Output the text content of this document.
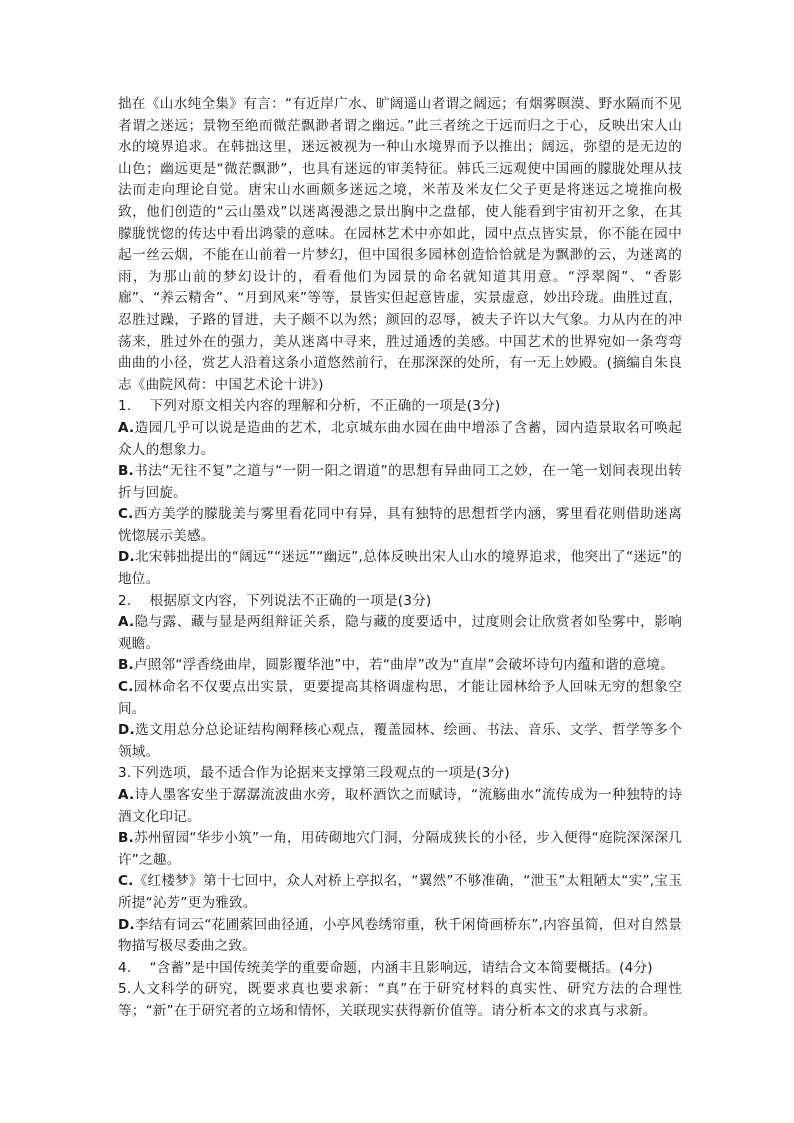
拙在《山水纯全集》有言：“有近岸广水、旷阔遥山者谓之阔远；有烟雾暝漠、野水隔而不见者谓之迷远；景物至绝而微茫飘渺者谓之幽远。”此三者统之于远而归之于心，反映出宋人山水的境界追求。在韩拙这里，迷远被视为一种山水境界而予以推出；阔远，弥望的是无边的山色；幽远更是“微茫飘渺”，也具有迷远的审美特征。韩氏三远观使中国画的朦胧处理从技法而走向理论自觉。唐宋山水画颇多迷远之境，米芾及米友仁父子更是将迷远之境推向极致，他们创造的“云山墨戏”以迷离漫漶之景出胸中之盘郁，使人能看到宇宙初开之象，在其朦胧恍惚的传达中看出鸿蒙的意味。在园林艺术中亦如此，园中点点皆实景，你不能在园中起一丝云烟，不能在山前着一片梦幻，但中国很多园林创造恰恰就是为飘渺的云，为迷离的雨，为那山前的梦幻设计的，看看他们为园景的命名就知道其用意。“浮翠阁”、“香影廊”、“养云精舍”、“月到风来”等等，景皆实但起意皆虚，实景虚意，妙出玲珑。曲胜过直，忍胜过躁，子路的冒进，夫子颇不以为然；颜回的忍辱，被夫子许以大气象。力从内在的冲荡来，胜过外在的强力，美从迷离中寻来，胜过通透的美感。中国艺术的世界宛如一条弯弯曲曲的小径，赏艺人沿着这条小道悠然前行，在那深深的处所，有一无上妙殿。(摘编自朱良志《曲院风荷：中国艺术论十讲》)

1. 下列对原文相关内容的理解和分析，不正确的一项是(3分)

A.造园几乎可以说是造曲的艺术，北京城东曲水园在曲中增添了含蓄，园内造景取名可唤起众人的想象力。

B.书法“无往不复”之道与“一阴一阳之谓道”的思想有异曲同工之妙，在一笔一划间表现出转折与回旋。

C.西方美学的朦胧美与雾里看花同中有异，具有独特的思想哲学内涵，雾里看花则借助迷离恍惚展示美感。

D.北宋韩拙提出的“阔远”“迷远”“幽远”,总体反映出宋人山水的境界追求，他突出了“迷远”的地位。

2. 根据原文内容，下列说法不正确的一项是(3分)

A.隐与露、藏与显是两组辩证关系，隐与藏的度要适中，过度则会让欣赏者如坠雾中，影响观瞻。

B.卢照邻“浮香绕曲岸，圆影覆华池”中，若“曲岸”改为“直岸”会破坏诗句内蕴和谐的意境。

C.园林命名不仅要点出实景，更要提高其格调虚构思，才能让园林给予人回味无穷的想象空间。

D.选文用总分总论证结构阐释核心观点，覆盖园林、绘画、书法、音乐、文学、哲学等多个领域。

3.下列选项，最不适合作为论据来支撑第三段观点的一项是(3分)

A.诗人墨客安坐于潺潺流波曲水旁，取杯酒饮之而赋诗，“流觞曲水”流传成为一种独特的诗酒文化印记。

B.苏州留园“华步小筑”一角，用砖砌地穴门洞，分隔成狭长的小径，步入便得“庭院深深深几许”之趣。

C.《红楼梦》第十七回中，众人对桥上亭拟名，“翼然”不够准确，“泄玉”太粗陋太“实”,宝玉所提“沁芳”更为雅致。

D.李结有词云“花圃萦回曲径通，小亭风卷绣帘重，秋千闲倚画桥东”,内容虽简，但对自然景物描写极尽委曲之致。

4. “含蓄”是中国传统美学的重要命题，内涵丰且影响远，请结合文本简要概括。(4分)

5.人文科学的研究，既要求真也要求新：“真”在于研究材料的真实性、研究方法的合理性等；“新”在于研究者的立场和情怀，关联现实获得新价值等。请分析本文的求真与求新。
